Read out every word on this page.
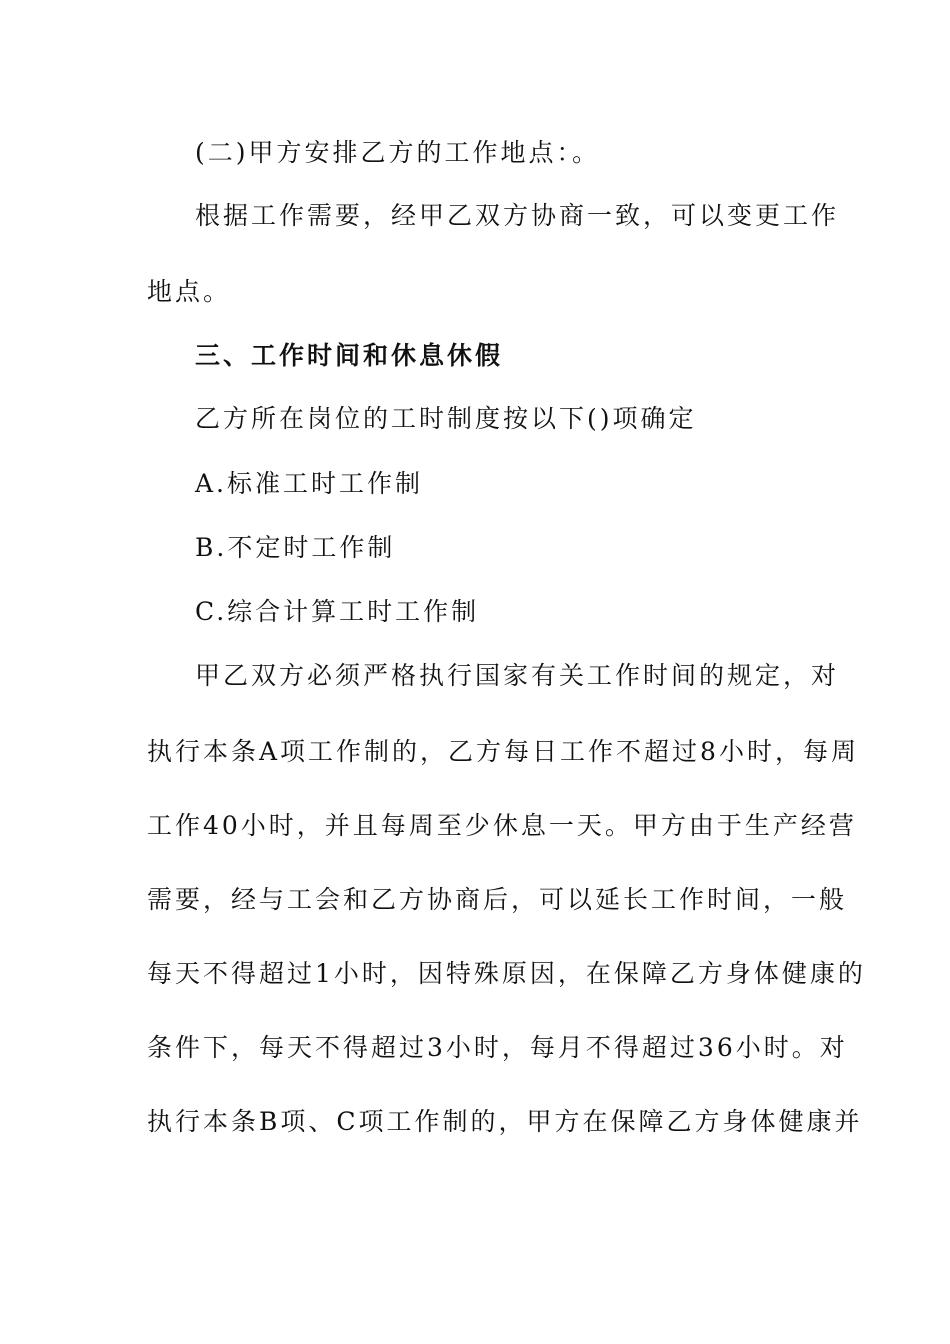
(二)甲方安排乙方的工作地点：。
根据工作需要，经甲乙双方协商一致，可以变更工作
地点。
三、工作时间和休息休假
乙方所在岗位的工时制度按以下()项确定
A.标准工时工作制
B.不定时工作制
C.综合计算工时工作制
甲乙双方必须严格执行国家有关工作时间的规定，对
执行本条A项工作制的，乙方每日工作不超过8小时，每周
工作40小时，并且每周至少休息一天。甲方由于生产经营
需要，经与工会和乙方协商后，可以延长工作时间，一般
每天不得超过1小时，因特殊原因，在保障乙方身体健康的
条件下，每天不得超过3小时，每月不得超过36小时。对
执行本条B项、C项工作制的，甲方在保障乙方身体健康并
